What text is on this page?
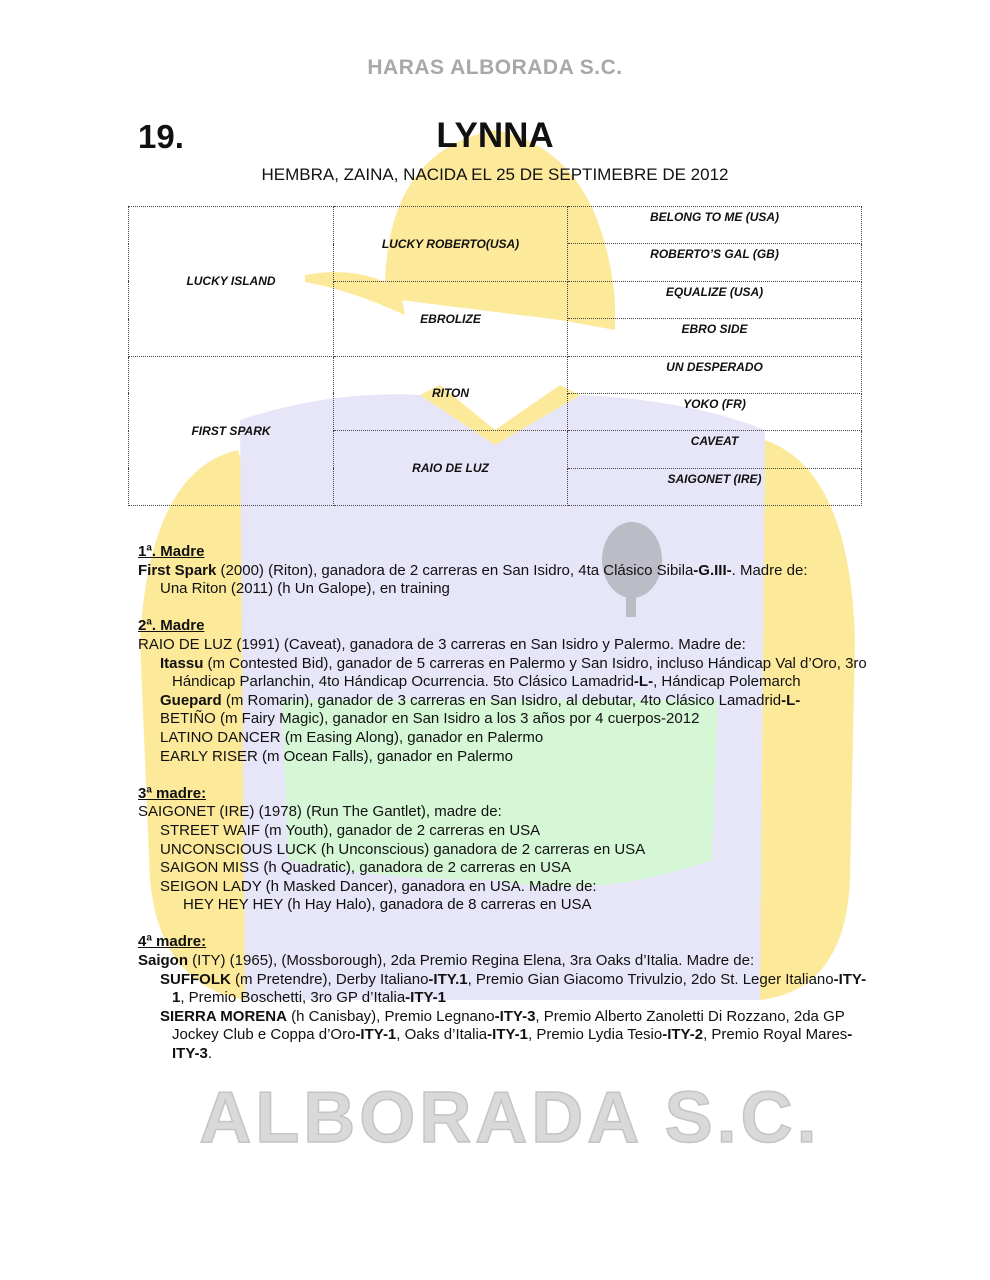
ALBORADA S.C.
HARAS ALBORADA S.C.
19.	LYNNA
HEMBRA, ZAINA, NACIDA EL 25 DE SEPTIMEBRE DE 2012
LUCKY ISLAND	LUCKY ROBERTO(USA)	BELONG TO ME (USA)
		ROBERTO’S GAL (GB)
	EBROLIZE	EQUALIZE (USA)
		EBRO SIDE
FIRST SPARK	RITON	UN DESPERADO
		YOKO (FR)
	RAIO DE LUZ	CAVEAT
		SAIGONET (IRE)

1ª. Madre

First Spark (2000) (Riton), ganadora de 2 carreras en San Isidro, 4ta Clásico Sibila-G.III-. Madre de:

Una Riton (2011) (h Un Galope), en training

2ª. Madre

RAIO DE LUZ (1991) (Caveat), ganadora de 3 carreras en San Isidro y Palermo. Madre de:

Itassu (m Contested Bid), ganador de 5 carreras en Palermo y San Isidro, incluso Hándicap Val d’Oro, 3ro Hándicap Parlanchin, 4to Hándicap Ocurrencia. 5to Clásico Lamadrid-L-, Hándicap Polemarch

Guepard (m Romarin), ganador de 3 carreras en San Isidro, al debutar, 4to Clásico Lamadrid-L-

BETIÑO (m Fairy Magic), ganador en San Isidro a los 3 años por 4 cuerpos-2012

LATINO DANCER (m Easing Along), ganador en Palermo

EARLY RISER (m Ocean Falls), ganador en Palermo

3ª madre:

SAIGONET (IRE) (1978) (Run The Gantlet), madre de:

STREET WAIF (m Youth), ganador de 2 carreras en USA

UNCONSCIOUS LUCK (h Unconscious) ganadora de 2 carreras en USA

SAIGON MISS (h Quadratic), ganadora de 2 carreras en USA

SEIGON LADY (h Masked Dancer), ganadora en USA. Madre de:

HEY HEY HEY (h Hay Halo), ganadora de 8 carreras en USA

4ª madre:

Saigon (ITY) (1965), (Mossborough), 2da Premio Regina Elena, 3ra Oaks d’Italia. Madre de:

SUFFOLK (m Pretendre), Derby Italiano-ITY.1, Premio Gian Giacomo Trivulzio, 2do St. Leger Italiano-ITY-1, Premio Boschetti, 3ro GP d’Italia-ITY-1

SIERRA MORENA (h Canisbay), Premio Legnano-ITY-3, Premio Alberto Zanoletti Di Rozzano, 2da GP Jockey Club e Coppa d’Oro-ITY-1, Oaks d’Italia-ITY-1, Premio Lydia Tesio-ITY-2, Premio Royal Mares-ITY-3.
